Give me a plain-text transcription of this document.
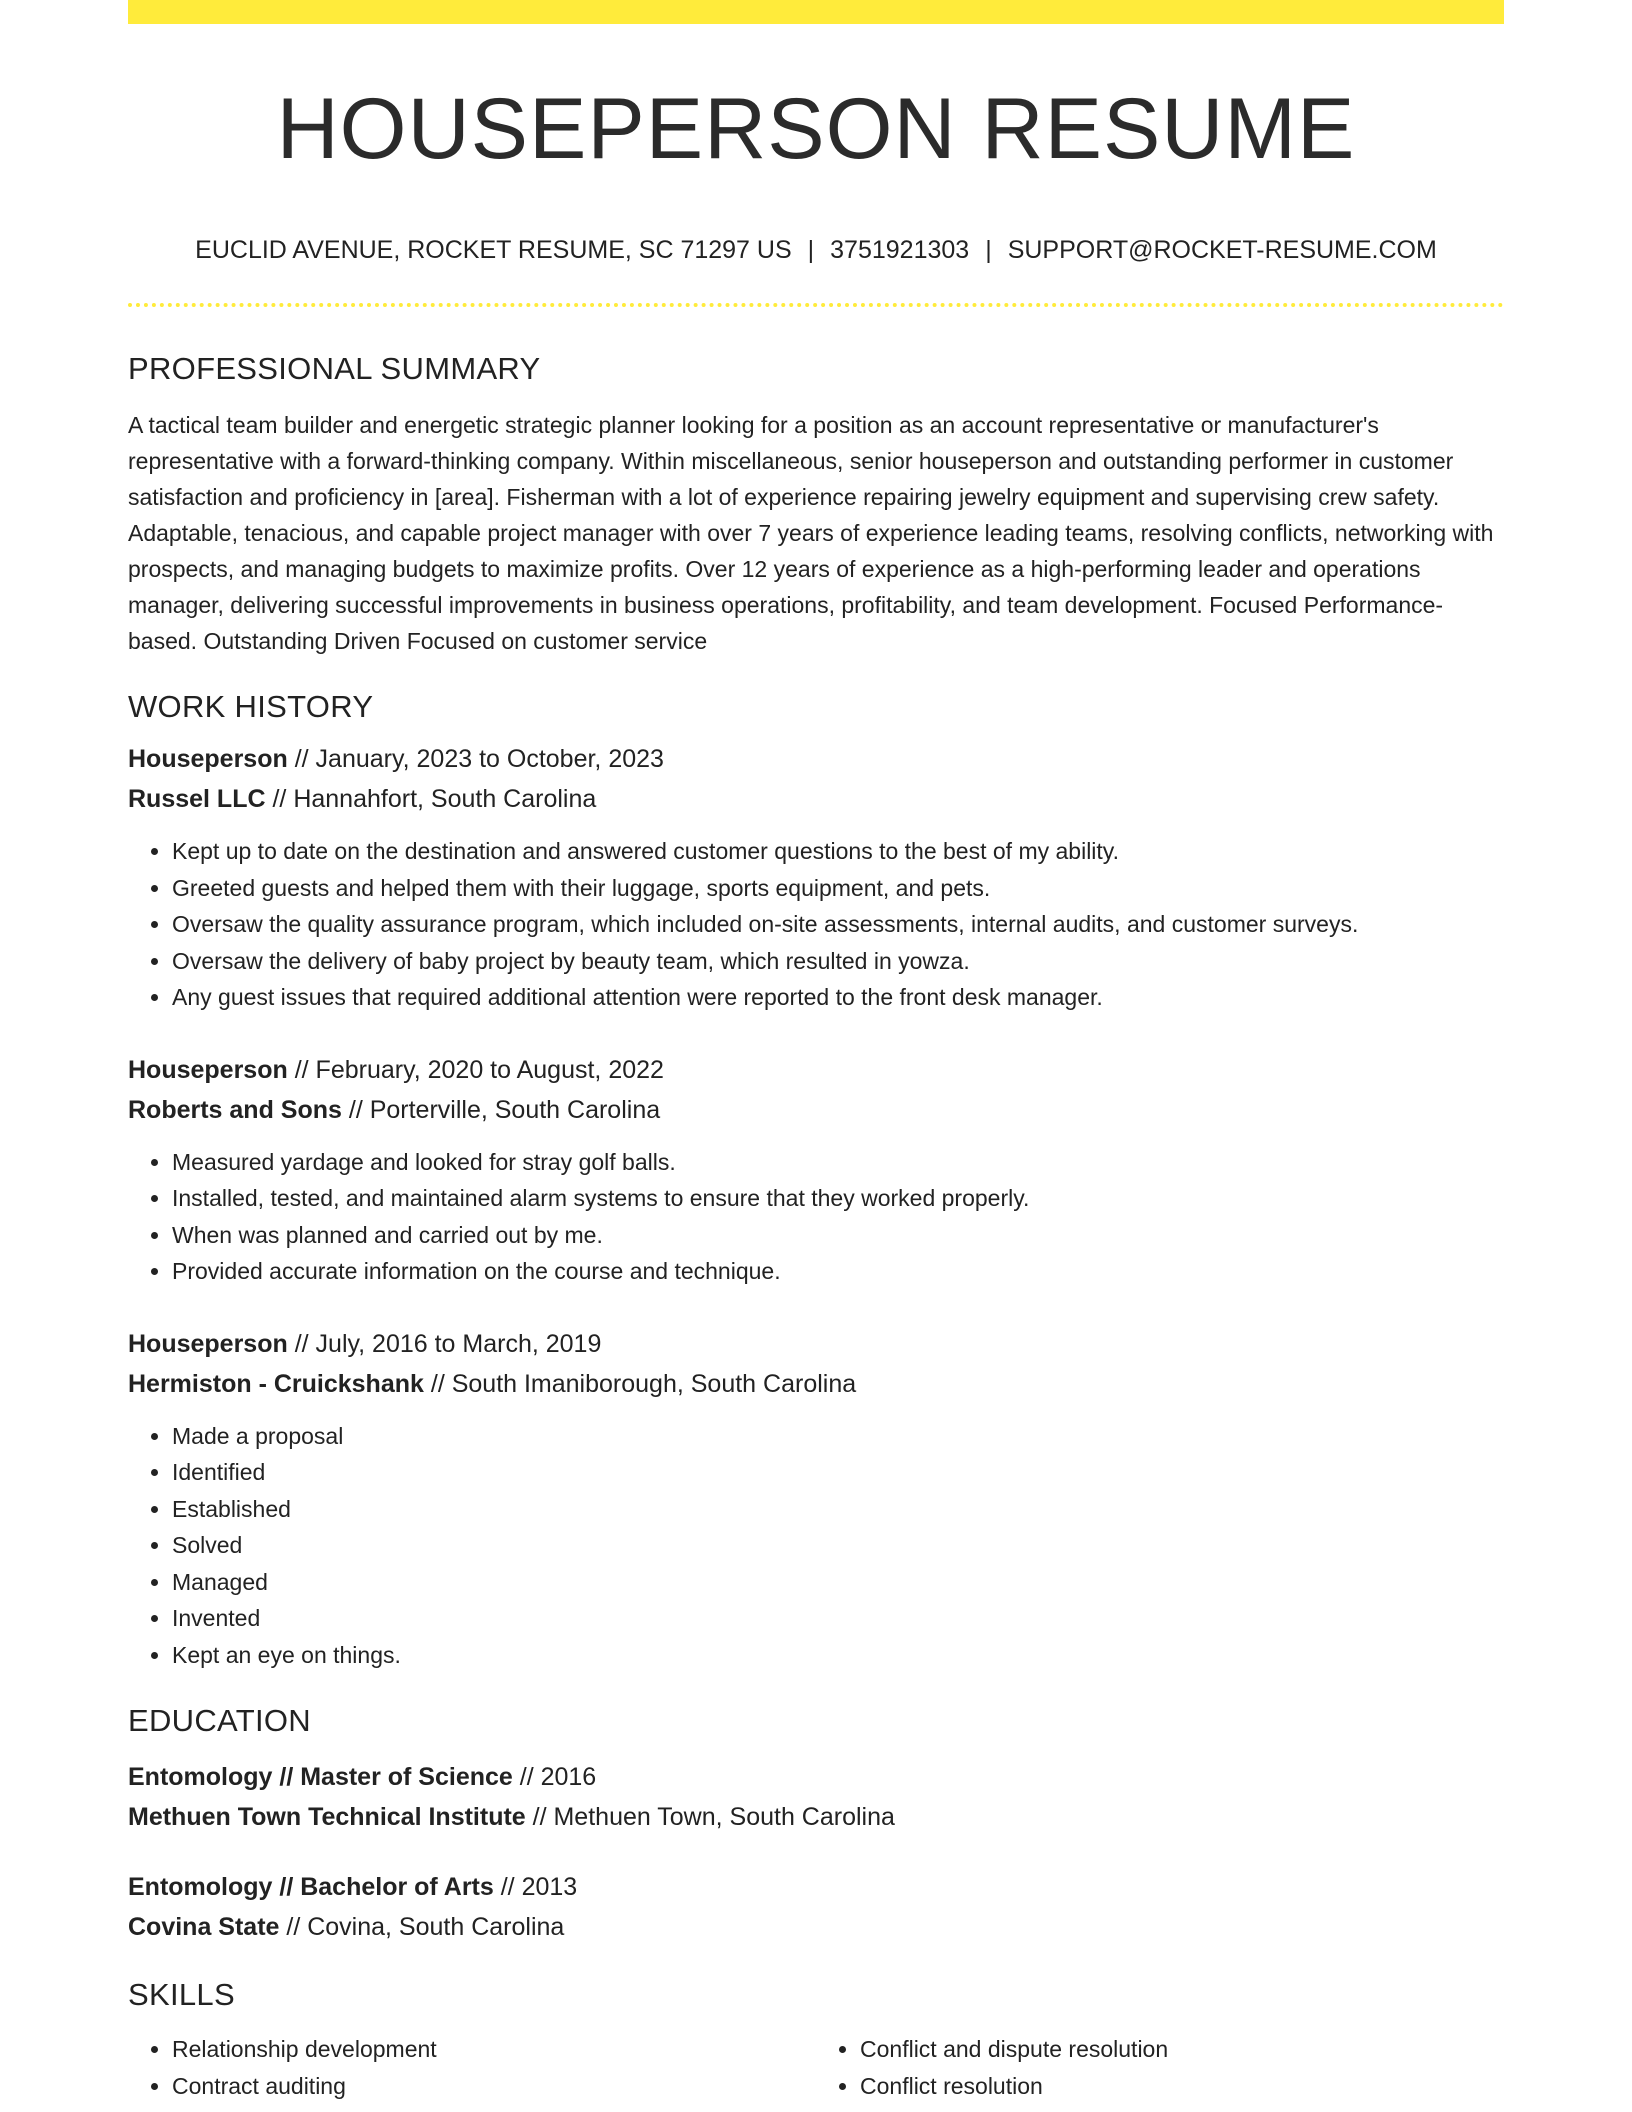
HOUSEPERSON RESUME
EUCLID AVENUE, ROCKET RESUME, SC 71297 US | 3751921303 | SUPPORT@ROCKET-RESUME.COM
PROFESSIONAL SUMMARY
A tactical team builder and energetic strategic planner looking for a position as an account representative or manufacturer's representative with a forward-thinking company. Within miscellaneous, senior houseperson and outstanding performer in customer satisfaction and proficiency in [area]. Fisherman with a lot of experience repairing jewelry equipment and supervising crew safety. Adaptable, tenacious, and capable project manager with over 7 years of experience leading teams, resolving conflicts, networking with prospects, and managing budgets to maximize profits. Over 12 years of experience as a high-performing leader and operations manager, delivering successful improvements in business operations, profitability, and team development. Focused Performance-based. Outstanding Driven Focused on customer service
WORK HISTORY
Houseperson // January, 2023 to October, 2023
Russel LLC // Hannahfort, South Carolina
• Kept up to date on the destination and answered customer questions to the best of my ability.
• Greeted guests and helped them with their luggage, sports equipment, and pets.
• Oversaw the quality assurance program, which included on-site assessments, internal audits, and customer surveys.
• Oversaw the delivery of baby project by beauty team, which resulted in yowza.
• Any guest issues that required additional attention were reported to the front desk manager.
Houseperson // February, 2020 to August, 2022
Roberts and Sons // Porterville, South Carolina
• Measured yardage and looked for stray golf balls.
• Installed, tested, and maintained alarm systems to ensure that they worked properly.
• When was planned and carried out by me.
• Provided accurate information on the course and technique.
Houseperson // July, 2016 to March, 2019
Hermiston - Cruickshank // South Imaniborough, South Carolina
• Made a proposal
• Identified
• Established
• Solved
• Managed
• Invented
• Kept an eye on things.
EDUCATION
Entomology // Master of Science // 2016
Methuen Town Technical Institute // Methuen Town, South Carolina
Entomology // Bachelor of Arts // 2013
Covina State // Covina, South Carolina
SKILLS
• Relationship development
• Contract auditing
• Conflict and dispute resolution
• Conflict resolution
